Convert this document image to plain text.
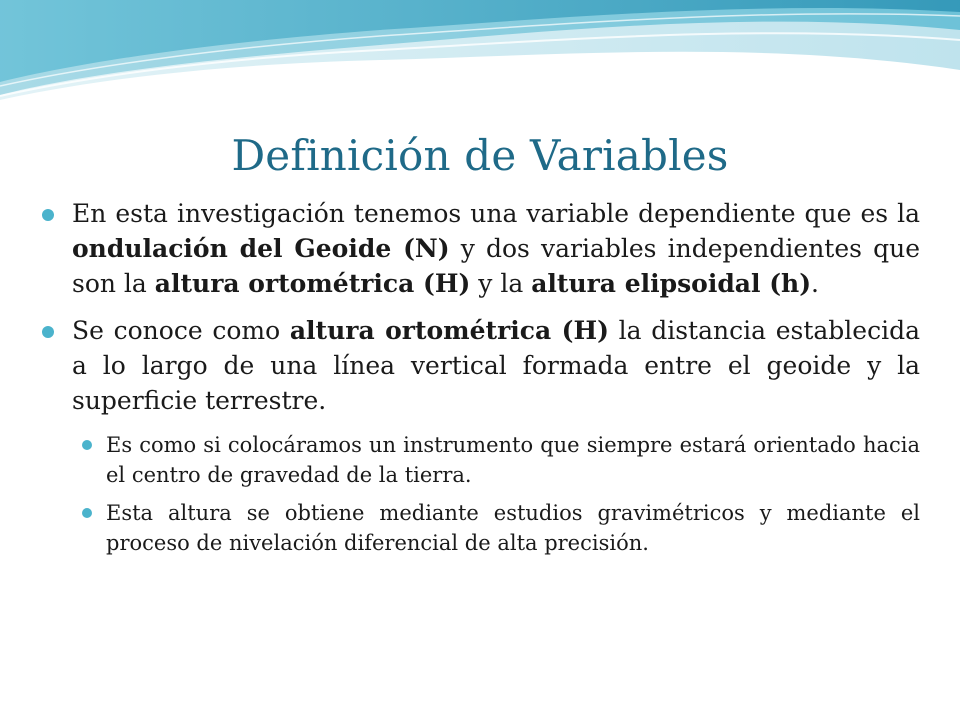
Definición de Variables

En esta investigación tenemos una variable dependiente que es la ondulación del Geoide (N) y dos variables independientes que son la altura ortométrica (H) y la altura elipsoidal (h).

Se conoce como altura ortométrica (H) la distancia establecida a lo largo de una línea vertical formada entre el geoide y la superficie terrestre.

Es como si colocáramos un instrumento que siempre estará orientado hacia el centro de gravedad de la tierra.

Esta altura se obtiene mediante estudios gravimétricos y mediante el proceso de nivelación diferencial de alta precisión.
